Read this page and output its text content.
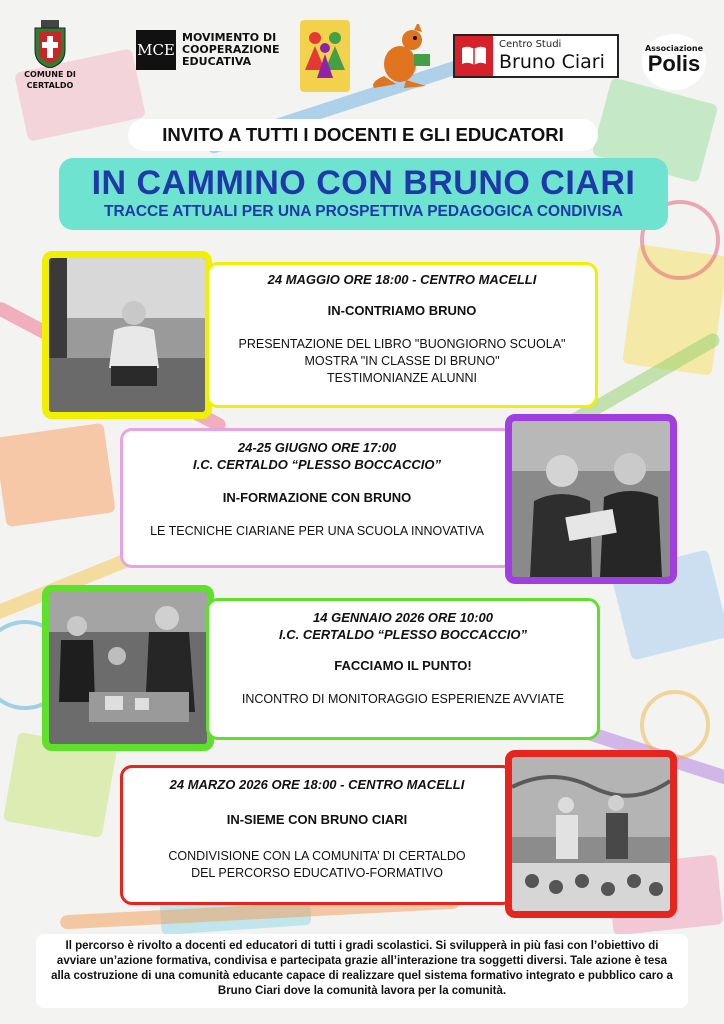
COMUNE DI
CERTALDO
MCE
MOVIMENTO DI
COOPERAZIONE
EDUCATIVA
Centro Studi
Bruno Ciari
Associazione
Polis
INVITO A TUTTI I DOCENTI E GLI EDUCATORI
IN CAMMINO CON BRUNO CIARI
TRACCE ATTUALI PER UNA PROSPETTIVA PEDAGOGICA CONDIVISA
24 MAGGIO ORE 18:00 - CENTRO MACELLI
IN-CONTRIAMO BRUNO
PRESENTAZIONE DEL LIBRO "BUONGIORNO SCUOLA"
MOSTRA "IN CLASSE DI BRUNO"
TESTIMONIANZE ALUNNI
24-25 GIUGNO ORE 17:00
I.C. CERTALDO “PLESSO BOCCACCIO”
IN-FORMAZIONE CON BRUNO
LE TECNICHE CIARIANE PER UNA SCUOLA INNOVATIVA
14 GENNAIO 2026 ORE 10:00
I.C. CERTALDO “PLESSO BOCCACCIO”
FACCIAMO IL PUNTO!
INCONTRO DI MONITORAGGIO ESPERIENZE AVVIATE
24 MARZO 2026 ORE 18:00 - CENTRO MACELLI
IN-SIEME CON BRUNO CIARI
CONDIVISIONE CON LA COMUNITA’ DI CERTALDO
DEL PERCORSO EDUCATIVO-FORMATIVO
Il percorso è rivolto a docenti ed educatori di tutti i gradi scolastici. Si svilupperà in più fasi con l’obiettivo di avviare un’azione formativa, condivisa e partecipata grazie all’interazione tra soggetti diversi. Tale azione è tesa alla costruzione di una comunità educante capace di realizzare quel sistema formativo integrato e pubblico caro a Bruno Ciari dove la comunità lavora per la comunità.
